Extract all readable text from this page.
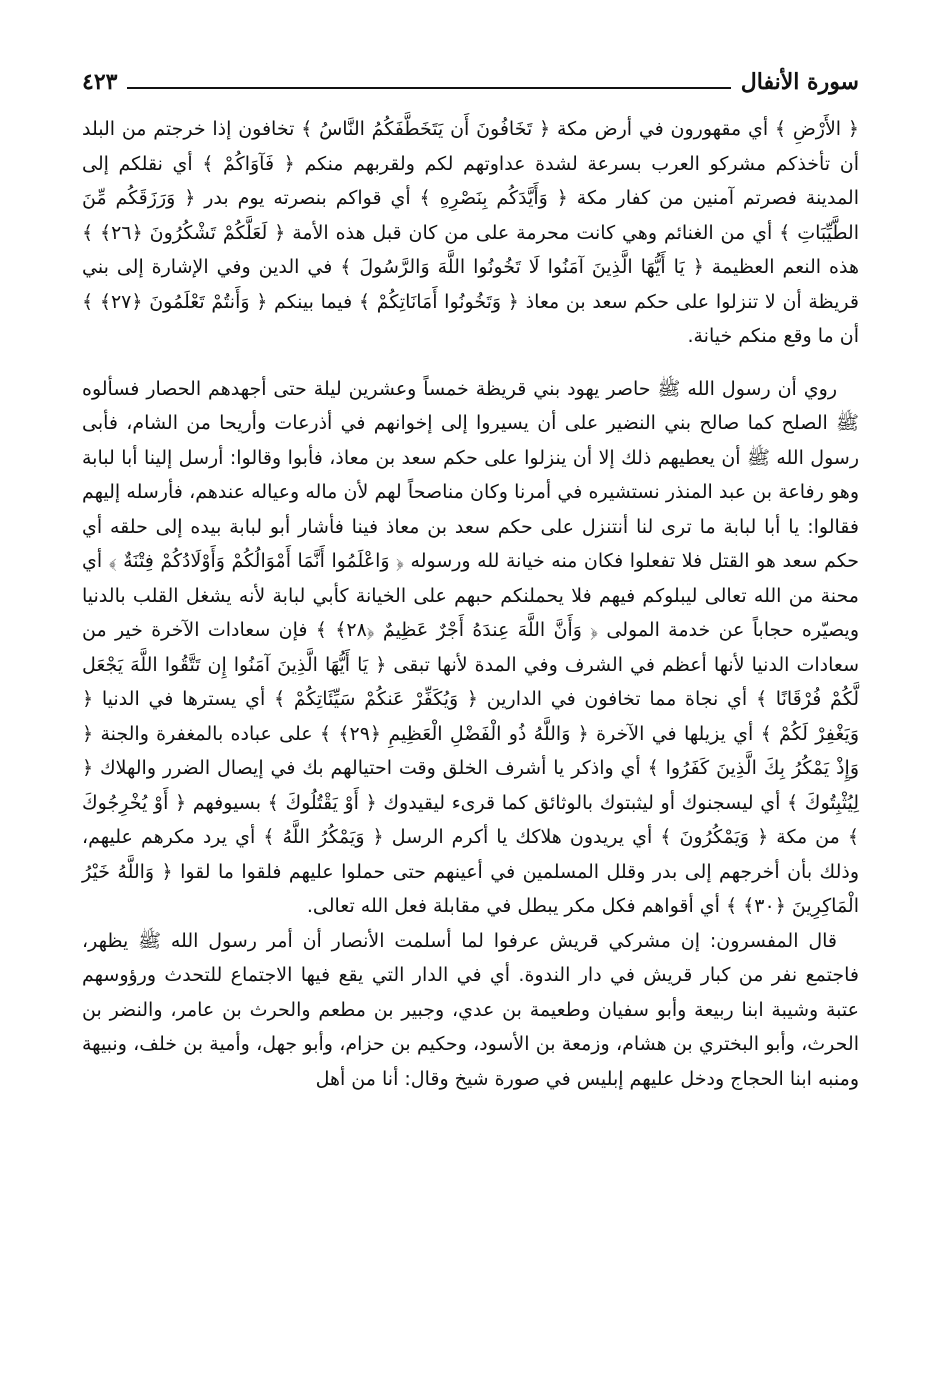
سورة الأنفال
٤٢٣

﴿ الأَرْضِ ﴾ أي مقهورون في أرض مكة ﴿ تَخَافُونَ أَن يَتَخَطَّفَكُمُ النَّاسُ ﴾ تخافون إذا خرجتم من البلد أن تأخذكم مشركو العرب بسرعة لشدة عداوتهم لكم ولقربهم منكم ﴿ فَآوَاكُمْ ﴾ أي نقلكم إلى المدينة فصرتم آمنين من كفار مكة ﴿ وَأَيَّدَكُم بِنَصْرِهِ ﴾ أي قواكم بنصرته يوم بدر ﴿ وَرَزَقَكُم مِّنَ الطَّيِّبَاتِ ﴾ أي من الغنائم وهي كانت محرمة على من كان قبل هذه الأمة ﴿ لَعَلَّكُمْ تَشْكُرُونَ ﴿٢٦﴾ ﴾ هذه النعم العظيمة ﴿ يَا أَيُّهَا الَّذِينَ آمَنُوا لَا تَخُونُوا اللَّهَ وَالرَّسُولَ ﴾ في الدين وفي الإشارة إلى بني قريظة أن لا تنزلوا على حكم سعد بن معاذ ﴿ وَتَخُونُوا أَمَانَاتِكُمْ ﴾ فيما بينكم ﴿ وَأَنتُمْ تَعْلَمُونَ ﴿٢٧﴾ ﴾ أن ما وقع منكم خيانة.

روي أن رسول الله ﷺ حاصر يهود بني قريظة خمساً وعشرين ليلة حتى أجهدهم الحصار فسألوه ﷺ الصلح كما صالح بني النضير على أن يسيروا إلى إخوانهم في أذرعات وأريحا من الشام، فأبى رسول الله ﷺ أن يعطيهم ذلك إلا أن ينزلوا على حكم سعد بن معاذ، فأبوا وقالوا: أرسل إلينا أبا لبابة وهو رفاعة بن عبد المنذر نستشيره في أمرنا وكان مناصحاً لهم لأن ماله وعياله عندهم، فأرسله إليهم فقالوا: يا أبا لبابة ما ترى لنا أنتنزل على حكم سعد بن معاذ فينا فأشار أبو لبابة بيده إلى حلقه أي حكم سعد هو القتل فلا تفعلوا فكان منه خيانة لله ورسوله ﴿ وَاعْلَمُوا أَنَّمَا أَمْوَالُكُمْ وَأَوْلَادُكُمْ فِتْنَةٌ ﴾ أي محنة من الله تعالى ليبلوكم فيهم فلا يحملنكم حبهم على الخيانة كأبي لبابة لأنه يشغل القلب بالدنيا ويصيّره حجاباً عن خدمة المولى ﴿ وَأَنَّ اللَّهَ عِندَهُ أَجْرٌ عَظِيمٌ ﴿٢٨﴾ ﴾ فإن سعادات الآخرة خير من سعادات الدنيا لأنها أعظم في الشرف وفي المدة لأنها تبقى ﴿ يَا أَيُّهَا الَّذِينَ آمَنُوا إِن تَتَّقُوا اللَّهَ يَجْعَل لَّكُمْ فُرْقَانًا ﴾ أي نجاة مما تخافون في الدارين ﴿ وَيُكَفِّرْ عَنكُمْ سَيِّئَاتِكُمْ ﴾ أي يسترها في الدنيا ﴿ وَيَغْفِرْ لَكُمْ ﴾ أي يزيلها في الآخرة ﴿ وَاللَّهُ ذُو الْفَضْلِ الْعَظِيمِ ﴿٢٩﴾ ﴾ على عباده بالمغفرة والجنة ﴿ وَإِذْ يَمْكُرُ بِكَ الَّذِينَ كَفَرُوا ﴾ أي واذكر يا أشرف الخلق وقت احتيالهم بك في إيصال الضرر والهلاك ﴿ لِيُثْبِتُوكَ ﴾ أي ليسجنوك أو ليثبتوك بالوثائق كما قرىء ليقيدوك ﴿ أَوْ يَقْتُلُوكَ ﴾ بسيوفهم ﴿ أَوْ يُخْرِجُوكَ ﴾ من مكة ﴿ وَيَمْكُرُونَ ﴾ أي يريدون هلاكك يا أكرم الرسل ﴿ وَيَمْكُرُ اللَّهُ ﴾ أي يرد مكرهم عليهم، وذلك بأن أخرجهم إلى بدر وقلل المسلمين في أعينهم حتى حملوا عليهم فلقوا ما لقوا ﴿ وَاللَّهُ خَيْرُ الْمَاكِرِينَ ﴿٣٠﴾ ﴾ أي أقواهم فكل مكر يبطل في مقابلة فعل الله تعالى.

قال المفسرون: إن مشركي قريش عرفوا لما أسلمت الأنصار أن أمر رسول الله ﷺ يظهر، فاجتمع نفر من كبار قريش في دار الندوة. أي في الدار التي يقع فيها الاجتماع للتحدث ورؤوسهم عتبة وشيبة ابنا ربيعة وأبو سفيان وطعيمة بن عدي، وجبير بن مطعم والحرث بن عامر، والنضر بن الحرث، وأبو البختري بن هشام، وزمعة بن الأسود، وحكيم بن حزام، وأبو جهل، وأمية بن خلف، ونبيهة ومنبه ابنا الحجاج ودخل عليهم إبليس في صورة شيخ وقال: أنا من أهل
